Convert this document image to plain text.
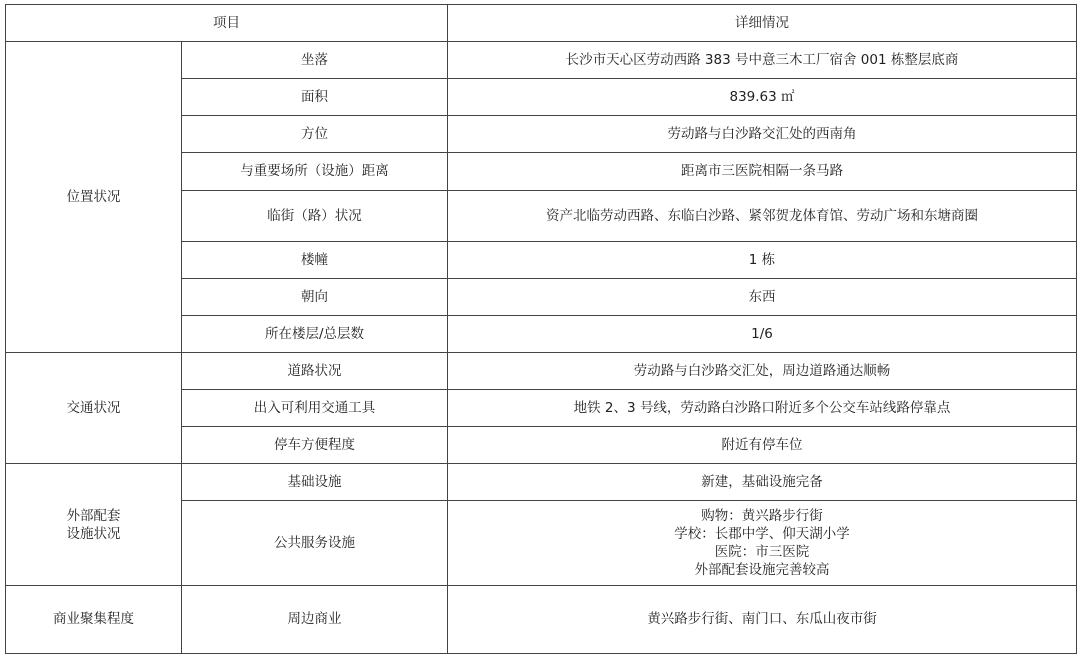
项目		详细情况
位置状况	坐落	长沙市天心区劳动西路 383 号中意三木工厂宿舍 001 栋整层底商
	面积	839.63 ㎡
	方位	劳动路与白沙路交汇处的西南角
	与重要场所（设施）距离	距离市三医院相隔一条马路
	临街（路）状况	资产北临劳动西路、东临白沙路、紧邻贺龙体育馆、劳动广场和东塘商圈
	楼幢	1 栋
	朝向	东西
	所在楼层/总层数	1/6
交通状况	道路状况	劳动路与白沙路交汇处，周边道路通达顺畅
	出入可利用交通工具	地铁 2、3 号线，劳动路白沙路口附近多个公交车站线路停靠点
	停车方便程度	附近有停车位

外部配套
设施状况	基础设施	新建，基础设施完备
	公共服务设施	购物：黄兴路步行街
学校：长郡中学、仰天湖小学
医院：市三医院
外部配套设施完善较高

商业聚集程度	周边商业	黄兴路步行街、南门口、东瓜山夜市街
